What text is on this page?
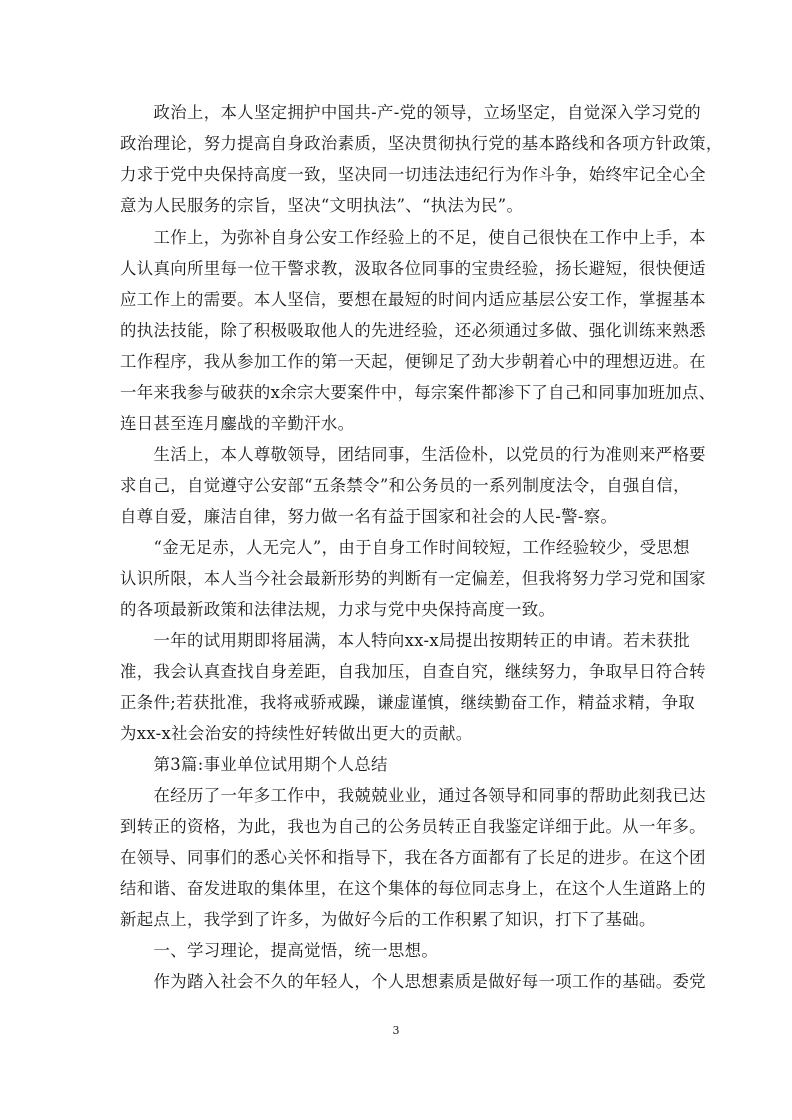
　　政治上，本人坚定拥护中国共-产-党的领导，立场坚定，自觉深入学习党的
政治理论，努力提高自身政治素质，坚决贯彻执行党的基本路线和各项方针政策，
力求于党中央保持高度一致，坚决同一切违法违纪行为作斗争，始终牢记全心全
意为人民服务的宗旨，坚决“文明执法”、“执法为民”。
　　工作上，为弥补自身公安工作经验上的不足，使自己很快在工作中上手，本
人认真向所里每一位干警求教，汲取各位同事的宝贵经验，扬长避短，很快便适
应工作上的需要。本人坚信，要想在最短的时间内适应基层公安工作，掌握基本
的执法技能，除了积极吸取他人的先进经验，还必须通过多做、强化训练来熟悉
工作程序，我从参加工作的第一天起，便铆足了劲大步朝着心中的理想迈进。在
一年来我参与破获的x余宗大要案件中，每宗案件都渗下了自己和同事加班加点、
连日甚至连月鏖战的辛勤汗水。
　　生活上，本人尊敬领导，团结同事，生活俭朴，以党员的行为准则来严格要
求自己，自觉遵守公安部“五条禁令”和公务员的一系列制度法令，自强自信，
自尊自爱，廉洁自律，努力做一名有益于国家和社会的人民-警-察。
　　“金无足赤，人无完人”，由于自身工作时间较短，工作经验较少，受思想
认识所限，本人当今社会最新形势的判断有一定偏差，但我将努力学习党和国家
的各项最新政策和法律法规，力求与党中央保持高度一致。
　　一年的试用期即将届满，本人特向xx-x局提出按期转正的申请。若未获批
准，我会认真查找自身差距，自我加压，自查自究，继续努力，争取早日符合转
正条件;若获批准，我将戒骄戒躁，谦虚谨慎，继续勤奋工作，精益求精，争取
为xx-x社会治安的持续性好转做出更大的贡献。
　　第3篇:事业单位试用期个人总结
　　在经历了一年多工作中，我兢兢业业，通过各领导和同事的帮助此刻我已达
到转正的资格，为此，我也为自己的公务员转正自我鉴定详细于此。从一年多。
在领导、同事们的悉心关怀和指导下，我在各方面都有了长足的进步。在这个团
结和谐、奋发进取的集体里，在这个集体的每位同志身上，在这个人生道路上的
新起点上，我学到了许多，为做好今后的工作积累了知识，打下了基础。
　　一、学习理论，提高觉悟，统一思想。
　　作为踏入社会不久的年轻人，个人思想素质是做好每一项工作的基础。委党
3
